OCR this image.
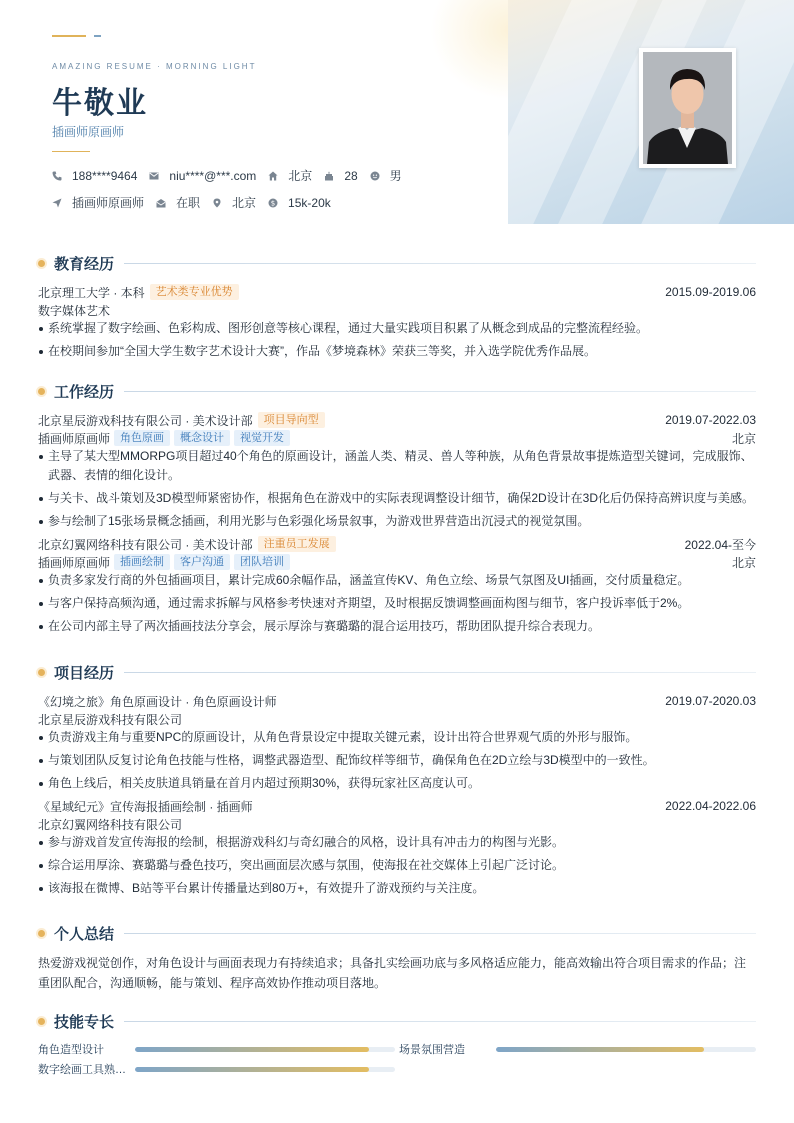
AMAZING RESUME · MORNING LIGHT
牛敬业
插画师原画师
188****9464	niu****@***.com	北京	28	男
插画师原画师	在职	北京 $ 15k-20k
教育经历
北京理工大学 · 本科	艺术类专业优势	2015.09-2019.06
数字媒体艺术
系统掌握了数字绘画、色彩构成、图形创意等核心课程，通过大量实践项目积累了从概念到成品的完整流程经验。
在校期间参加“全国大学生数字艺术设计大赛”，作品《梦境森林》荣获三等奖，并入选学院优秀作品展。
工作经历
北京星辰游戏科技有限公司 · 美术设计部	项目导向型	2019.07-2022.03
插画师原画师 角色原画	概念设计	视觉开发	北京
主导了某大型MMORPG项目超过40个角色的原画设计，涵盖人类、精灵、兽人等种族，从角色背景故事提炼造型关键词，完成服饰、武器、表情的细化设计。
与关卡、战斗策划及3D模型师紧密协作，根据角色在游戏中的实际表现调整设计细节，确保2D设计在3D化后仍保持高辨识度与美感。
参与绘制了15张场景概念插画，利用光影与色彩强化场景叙事，为游戏世界营造出沉浸式的视觉氛围。
北京幻翼网络科技有限公司 · 美术设计部	注重员工发展	2022.04-至今
插画师原画师 插画绘制	客户沟通	团队培训	北京
负责多家发行商的外包插画项目，累计完成60余幅作品，涵盖宣传KV、角色立绘、场景气氛图及UI插画，交付质量稳定。
与客户保持高频沟通，通过需求拆解与风格参考快速对齐期望，及时根据反馈调整画面构图与细节，客户投诉率低于2%。
在公司内部主导了两次插画技法分享会，展示厚涂与赛璐璐的混合运用技巧，帮助团队提升综合表现力。
项目经历
《幻境之旅》角色原画设计 · 角色原画设计师	2019.07-2020.03
北京星辰游戏科技有限公司
负责游戏主角与重要NPC的原画设计，从角色背景设定中提取关键元素，设计出符合世界观气质的外形与服饰。
与策划团队反复讨论角色技能与性格，调整武器造型、配饰纹样等细节，确保角色在2D立绘与3D模型中的一致性。
角色上线后，相关皮肤道具销量在首月内超过预期30%，获得玩家社区高度认可。
《星域纪元》宣传海报插画绘制 · 插画师	2022.04-2022.06
北京幻翼网络科技有限公司
参与游戏首发宣传海报的绘制，根据游戏科幻与奇幻融合的风格，设计具有冲击力的构图与光影。
综合运用厚涂、赛璐璐与叠色技巧，突出画面层次感与氛围，使海报在社交媒体上引起广泛讨论。
该海报在微博、B站等平台累计传播量达到80万+，有效提升了游戏预约与关注度。
个人总结

热爱游戏视觉创作，对角色设计与画面表现力有持续追求；具备扎实绘画功底与多风格适应能力，能高效输出符合项目需求的作品；注重团队配合，沟通顺畅，能与策划、程序高效协作推动项目落地。

技能专长
角色造型设计	场景氛围营造
数字绘画工具熟…
